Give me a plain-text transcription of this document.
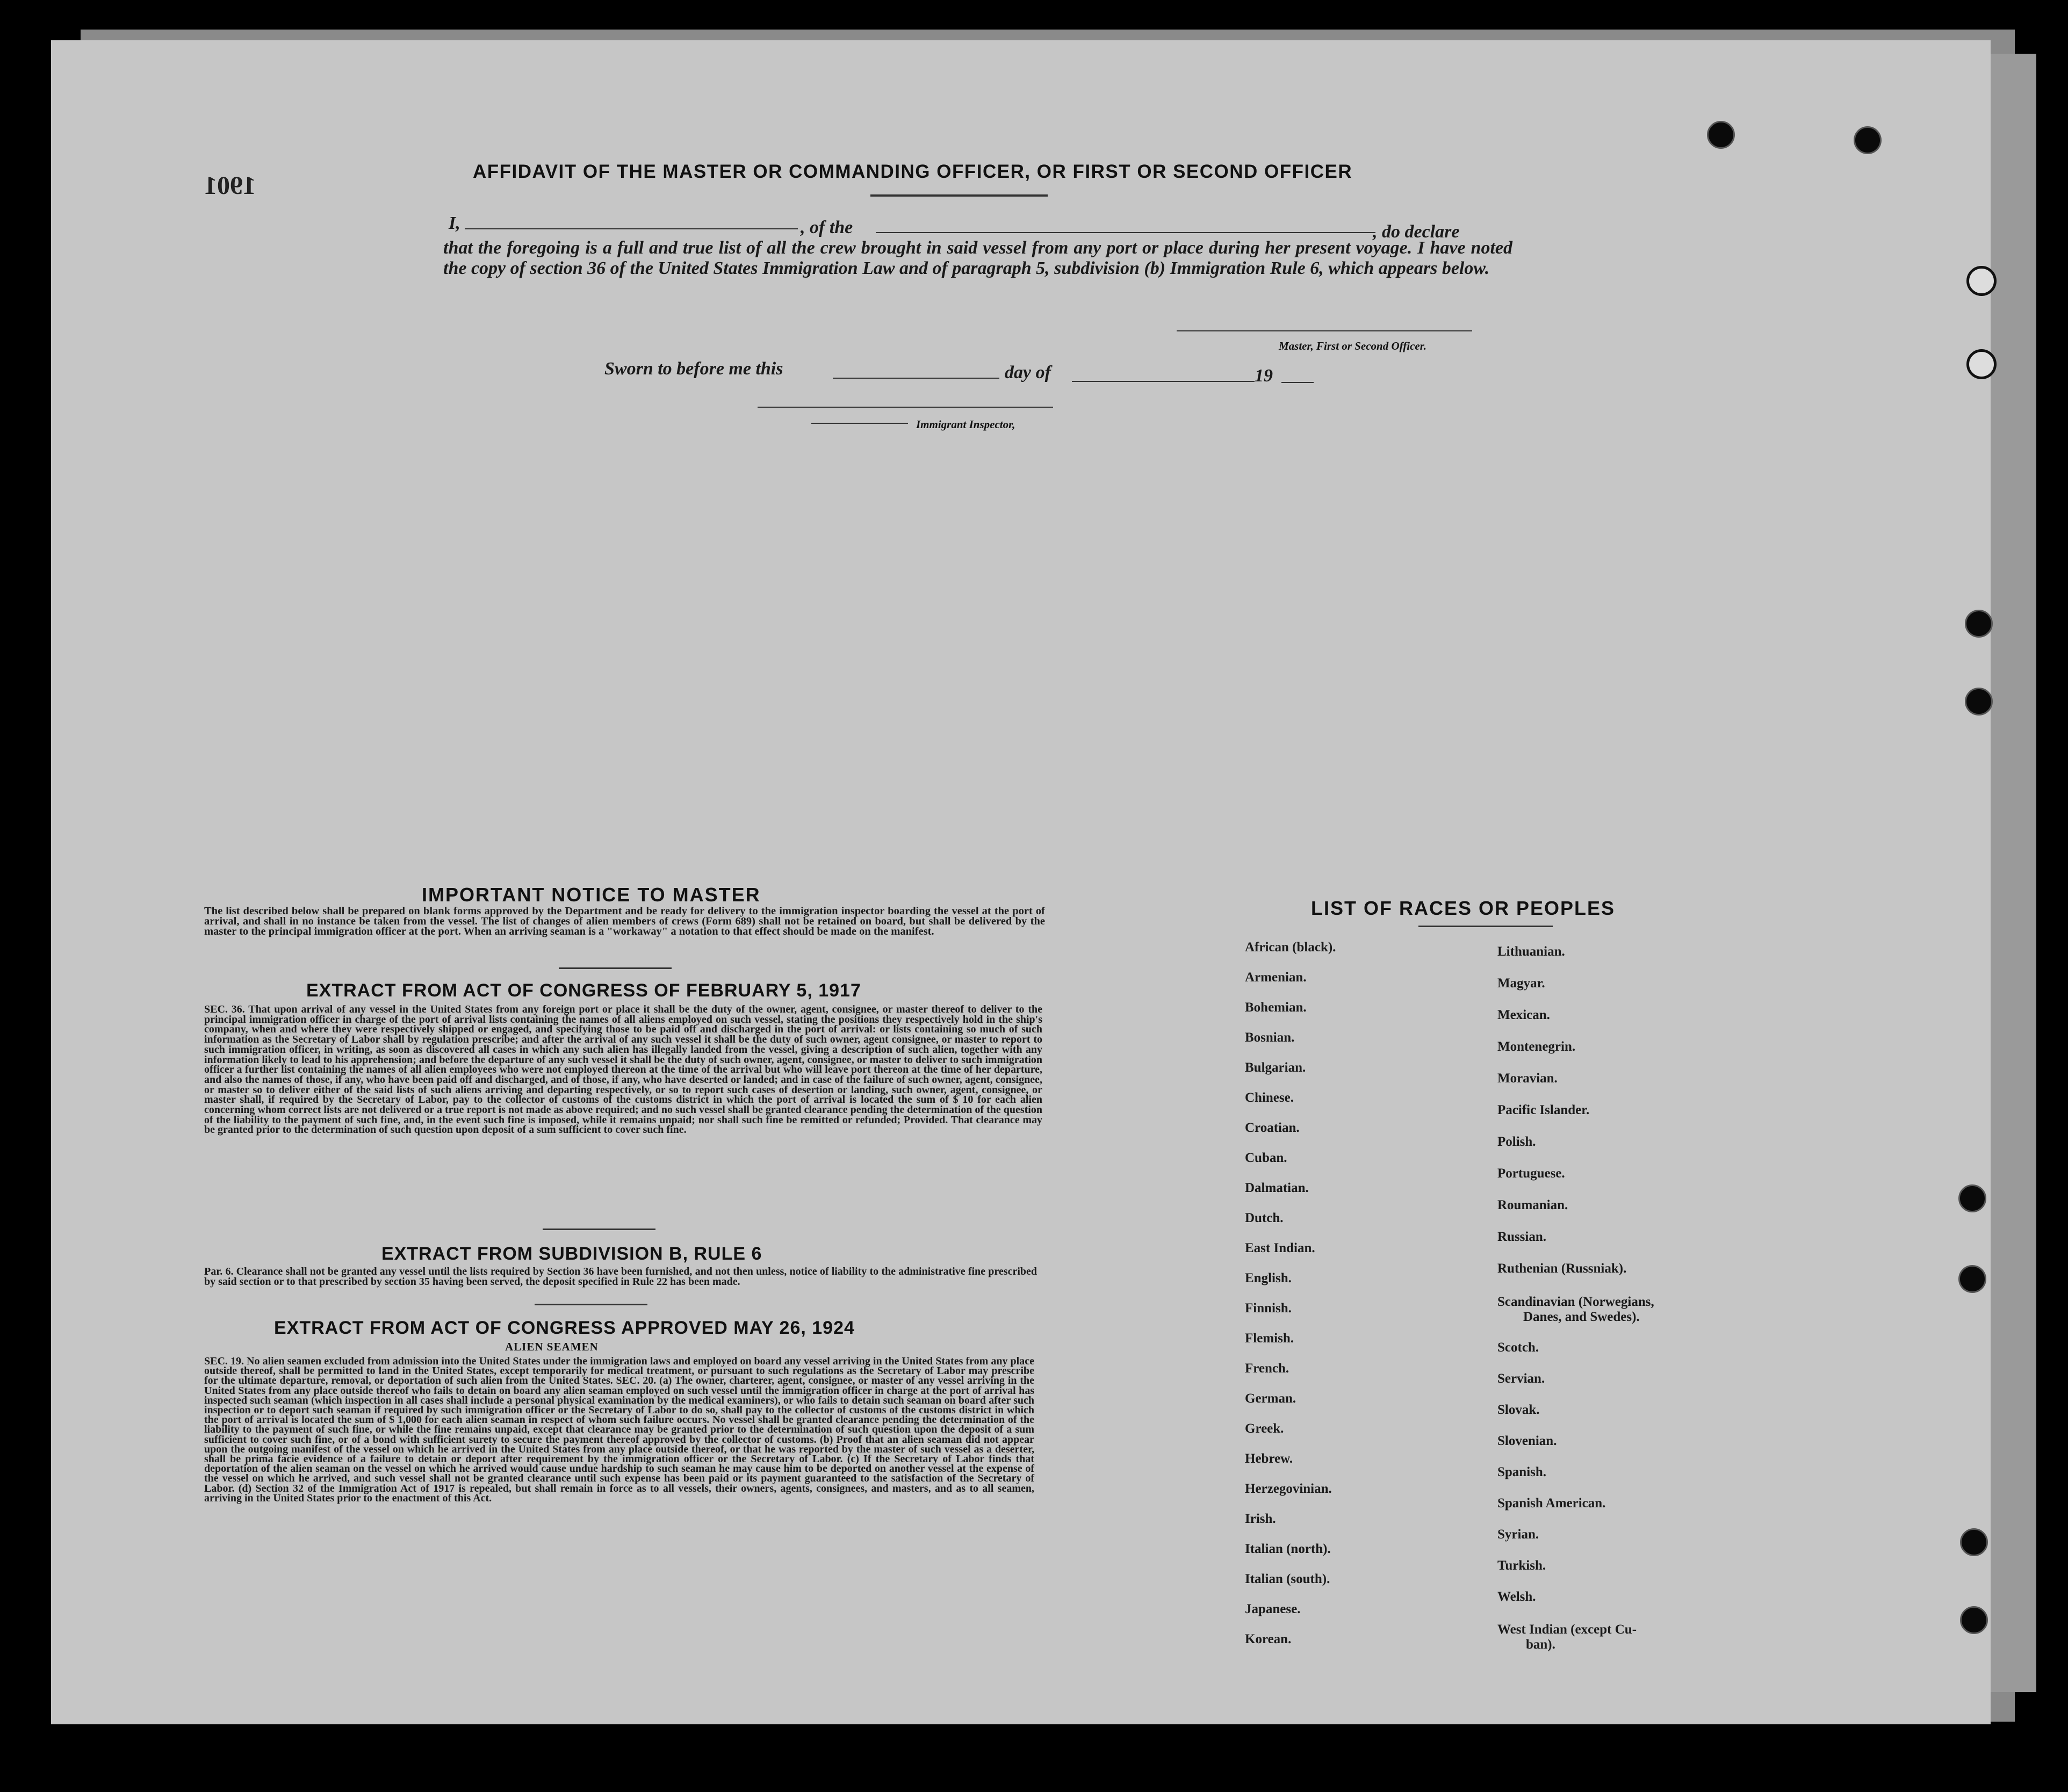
1901	AFFIDAVIT OF THE MASTER OR COMMANDING OFFICER, OR FIRST OR SECOND OFFICER
I,	, of the	, do declare
that the foregoing is a full and true list of all the crew brought in said vessel from any port or place during her present voyage. I have noted the copy of section 36 of the United States Immigration Law and of paragraph 5, subdivision (b) Immigration Rule 6, which appears below.
Master, First or Second Officer.
Sworn to before me this	day of	19
Immigrant Inspector,
IMPORTANT NOTICE TO MASTER
The list described below shall be prepared on blank forms approved by the Department and be ready for delivery to the immigration inspector boarding the vessel at the port of arrival, and shall in no instance be taken from the vessel. The list of changes of alien members of crews (Form 689) shall not be retained on board, but shall be delivered by the master to the principal immigration officer at the port. When an arriving seaman is a "workaway" a notation to that effect should be made on the manifest.
EXTRACT FROM ACT OF CONGRESS OF FEBRUARY 5, 1917
SEC. 36. That upon arrival of any vessel in the United States from any foreign port or place it shall be the duty of the owner, agent, consignee, or master thereof to deliver to the principal immigration officer in charge of the port of arrival lists containing the names of all aliens employed on such vessel, stating the positions they respectively hold in the ship's company, when and where they were respectively shipped or engaged, and specifying those to be paid off and discharged in the port of arrival: or lists containing so much of such information as the Secretary of Labor shall by regulation prescribe; and after the arrival of any such vessel it shall be the duty of such owner, agent consignee, or master to report to such immigration officer, in writing, as soon as discovered all cases in which any such alien has illegally landed from the vessel, giving a description of such alien, together with any information likely to lead to his apprehension; and before the departure of any such vessel it shall be the duty of such owner, agent, consignee, or master to deliver to such immigration officer a further list containing the names of all alien employees who were not employed thereon at the time of the arrival but who will leave port thereon at the time of her departure, and also the names of those, if any, who have been paid off and discharged, and of those, if any, who have deserted or landed; and in case of the failure of such owner, agent, consignee, or master so to deliver either of the said lists of such aliens arriving and departing respectively, or so to report such cases of desertion or landing, such owner, agent, consignee, or master shall, if required by the Secretary of Labor, pay to the collector of customs of the customs district in which the port of arrival is located the sum of $ 10 for each alien concerning whom correct lists are not delivered or a true report is not made as above required; and no such vessel shall be granted clearance pending the determination of the question of the liability to the payment of such fine, and, in the event such fine is imposed, while it remains unpaid; nor shall such fine be remitted or refunded; Provided. That clearance may be granted prior to the determination of such question upon deposit of a sum sufficient to cover such fine.
EXTRACT FROM SUBDIVISION B, RULE 6
Par. 6. Clearance shall not be granted any vessel until the lists required by Section 36 have been furnished, and not then unless, notice of liability to the administrative fine prescribed by said section or to that prescribed by section 35 having been served, the deposit specified in Rule 22 has been made.
EXTRACT FROM ACT OF CONGRESS APPROVED MAY 26, 1924
ALIEN SEAMEN
SEC. 19. No alien seamen excluded from admission into the United States under the immigration laws and employed on board any vessel arriving in the United States from any place outside thereof, shall be permitted to land in the United States, except temporarily for medical treatment, or pursuant to such regulations as the Secretary of Labor may prescribe for the ultimate departure, removal, or deportation of such alien from the United States. SEC. 20. (a) The owner, charterer, agent, consignee, or master of any vessel arriving in the United States from any place outside thereof who fails to detain on board any alien seaman employed on such vessel until the immigration officer in charge at the port of arrival has inspected such seaman (which inspection in all cases shall include a personal physical examination by the medical examiners), or who fails to detain such seaman on board after such inspection or to deport such seaman if required by such immigration officer or the Secretary of Labor to do so, shall pay to the collector of customs of the customs district in which the port of arrival is located the sum of $ 1,000 for each alien seaman in respect of whom such failure occurs. No vessel shall be granted clearance pending the determination of the liability to the payment of such fine, or while the fine remains unpaid, except that clearance may be granted prior to the determination of such question upon the deposit of a sum sufficient to cover such fine, or of a bond with sufficient surety to secure the payment thereof approved by the collector of customs. (b) Proof that an alien seaman did not appear upon the outgoing manifest of the vessel on which he arrived in the United States from any place outside thereof, or that he was reported by the master of such vessel as a deserter, shall be prima facie evidence of a failure to detain or deport after requirement by the immigration officer or the Secretary of Labor. (c) If the Secretary of Labor finds that deportation of the alien seaman on the vessel on which he arrived would cause undue hardship to such seaman he may cause him to be deported on another vessel at the expense of the vessel on which he arrived, and such vessel shall not be granted clearance until such expense has been paid or its payment guaranteed to the satisfaction of the Secretary of Labor. (d) Section 32 of the Immigration Act of 1917 is repealed, but shall remain in force as to all vessels, their owners, agents, consignees, and masters, and as to all seamen, arriving in the United States prior to the enactment of this Act.
LIST OF RACES OR PEOPLES
African (black).
Armenian.
Bohemian.
Bosnian.
Bulgarian.
Chinese.
Croatian.
Cuban.
Dalmatian.
Dutch.
East Indian.
English.
Finnish.
Flemish.
French.
German.
Greek.
Hebrew.
Herzegovinian.
Irish.
Italian (north).
Italian (south).
Japanese.
Korean.
Lithuanian.
Magyar.
Mexican.
Montenegrin.
Moravian.
Pacific Islander.
Polish.
Portuguese.
Roumanian.
Russian.
Ruthenian (Russniak).
Scandinavian (Norwegians,
Danes, and Swedes).
Scotch.
Servian.
Slovak.
Slovenian.
Spanish.
Spanish American.
Syrian.
Turkish.
Welsh.
West Indian (except Cu-
ban).
